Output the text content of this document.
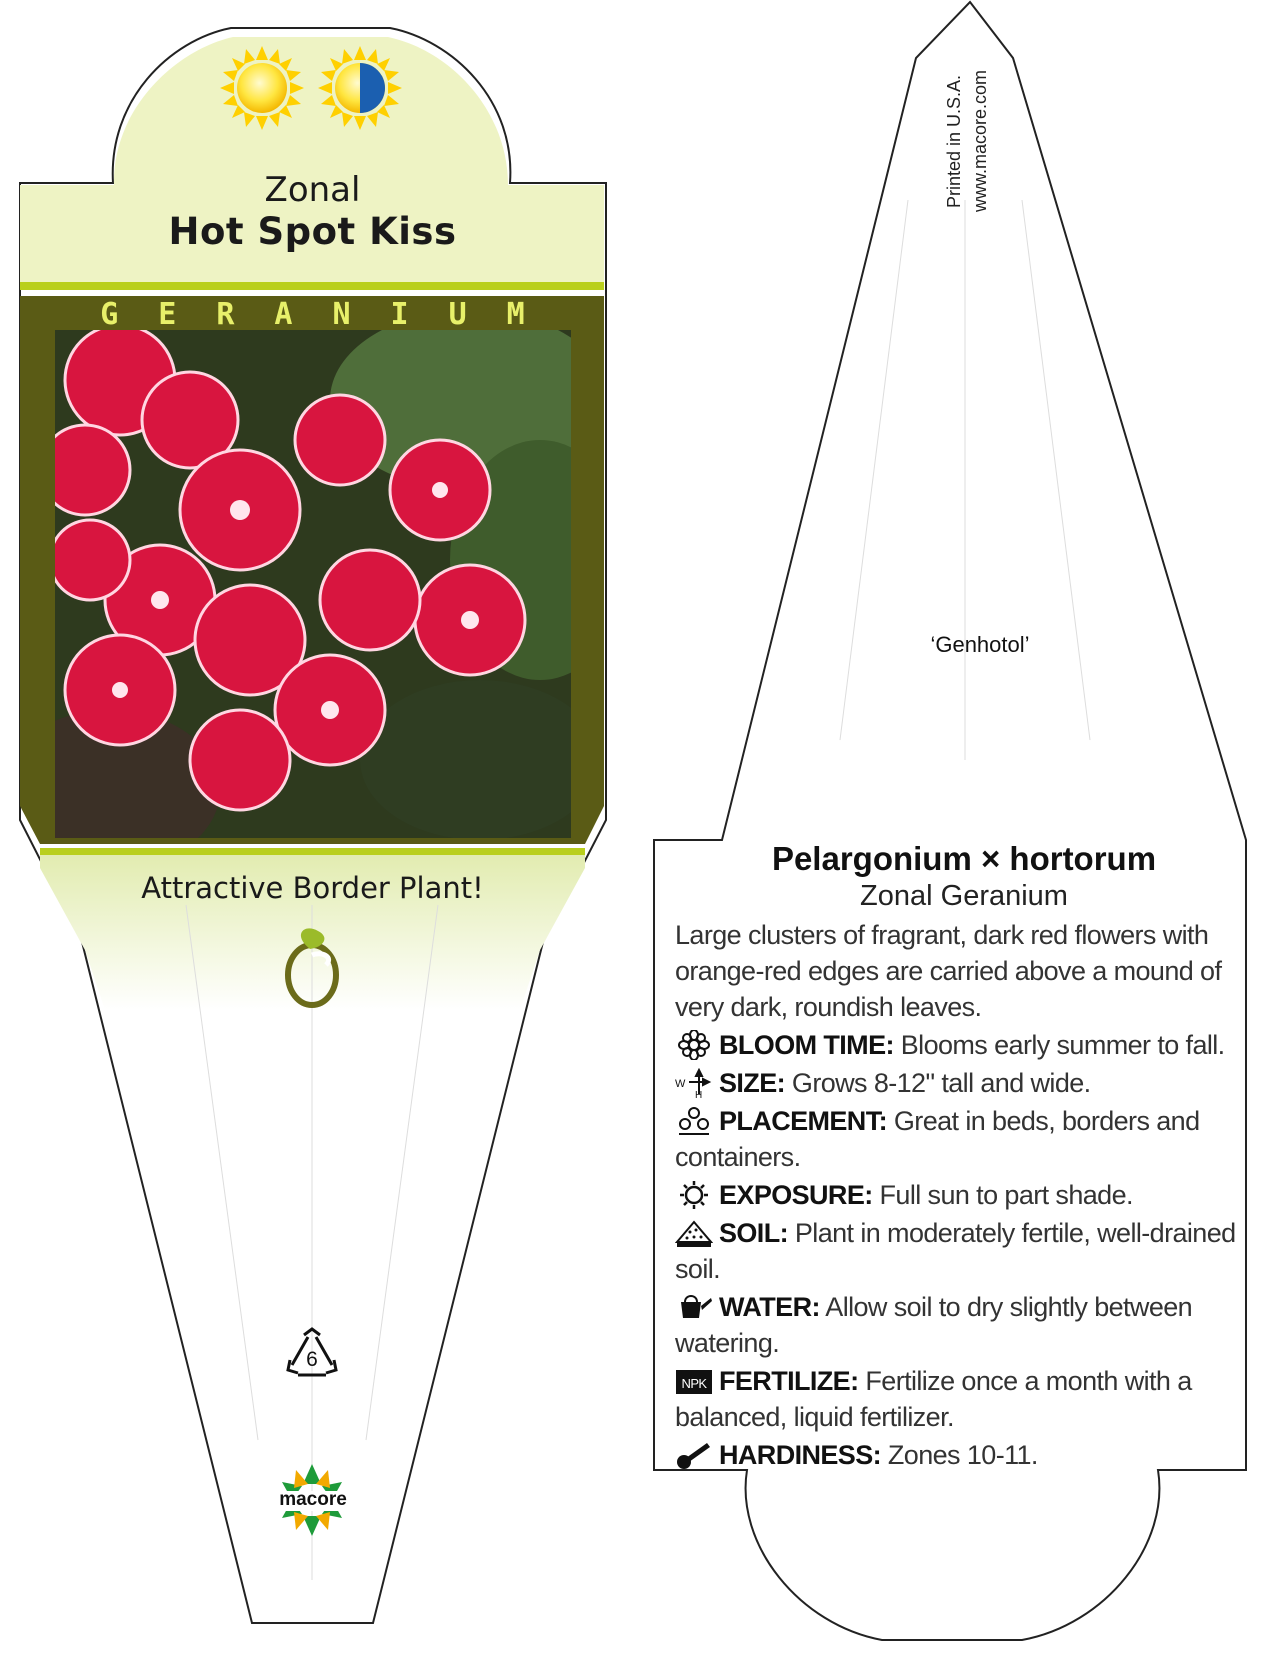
Zonal
Hot Spot Kiss
GERANIUM
Attractive Border Plant!
6
macore
Printed in U.S.A. www.macore.com
‘Genhotol’
Pelargonium × hortorum
Zonal Geranium
Large clusters of fragrant, dark red flowers with orange-red edges are carried above a mound of very dark, roundish leaves.
BLOOM TIME: Blooms early summer to fall.
W
H SIZE: Grows 8-12" tall and wide.
PLACEMENT: Great in beds, borders and containers.
EXPOSURE: Full sun to part shade.
SOIL: Plant in moderately fertile, well-drained soil.
WATER: Allow soil to dry slightly between watering.
NPK FERTILIZE: Fertilize once a month with a balanced, liquid fertilizer.
HARDINESS: Zones 10-11.
